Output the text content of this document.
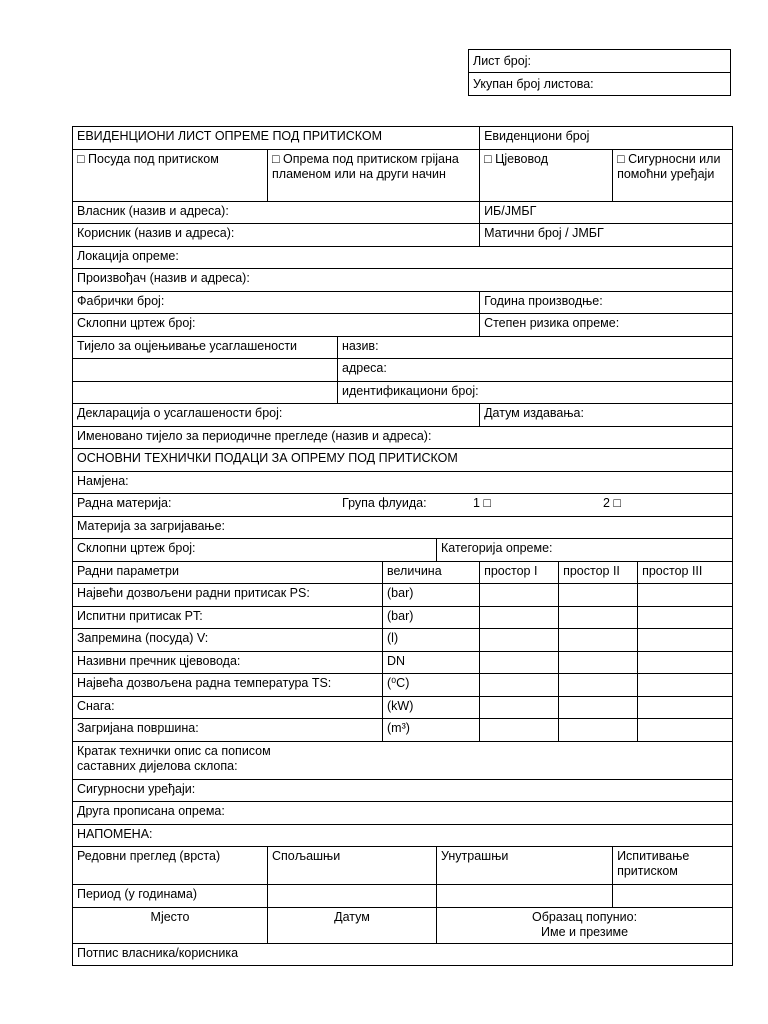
Лист број:
Укупан број листова:
ЕВИДЕНЦИОНИ ЛИСТ ОПРЕМЕ ПОД ПРИТИСКОМ					Евиденциони број			
□ Посуда под притиском	□ Опрема под притиском грijана пламеном или на други начин				□ Цјевовод		□ Сигурносни или помоћни уређаји	
Власник (назив и адреса):					ИБ/ЈМБГ			
Корисник (назив и адреса):					Матични број / ЈМБГ			
Локација опреме:								
Произвођач (назив и адреса):								
Фабрички број:					Година производње:			
Склопни цртеж број:					Степен ризика опреме:			
Тијело за оцјењивање усаглашености		назив:						
		адреса:						
		идентификациони број:						
Декларација о усаглашености број:					Датум издавања:			
Именовано тијело за периодичне прегледе (назив и адреса):								
ОСНОВНИ ТЕХНИЧКИ ПОДАЦИ ЗА ОПРЕМУ ПОД ПРИТИСКОМ								
Намјена:								
Радна материја: Група флуида: 1 □ 2 □								

Материја за загријавање:								
Склопни цртеж број:				Категорија опреме:				
Радни параметри			величина		простор I	простор II		простор III
Највећи дозвољени радни притисак PS:			(bar)					
Испитни притисак PT:			(bar)					
Запремина (посуда) V:			(l)					
Називни пречник цјевовода:			DN					
Највећа дозвољена радна температура TS:			(⁰C)					
Снага:			(kW)					
Загријана површина:			(m³)					

Кратак технички опис са пописом саставних дијелова склопа:								

Сигурносни уређаји:								
Друга прописана опрема:								
НАПОМЕНА:								
Редовни преглед (врста)	Спољашњи			Унутрашњи			Испитивање притиском	
Период (у годинама)								
Мјесто	Датум			Образац попунио:
Име и презиме				

Потпис власника/корисника								
